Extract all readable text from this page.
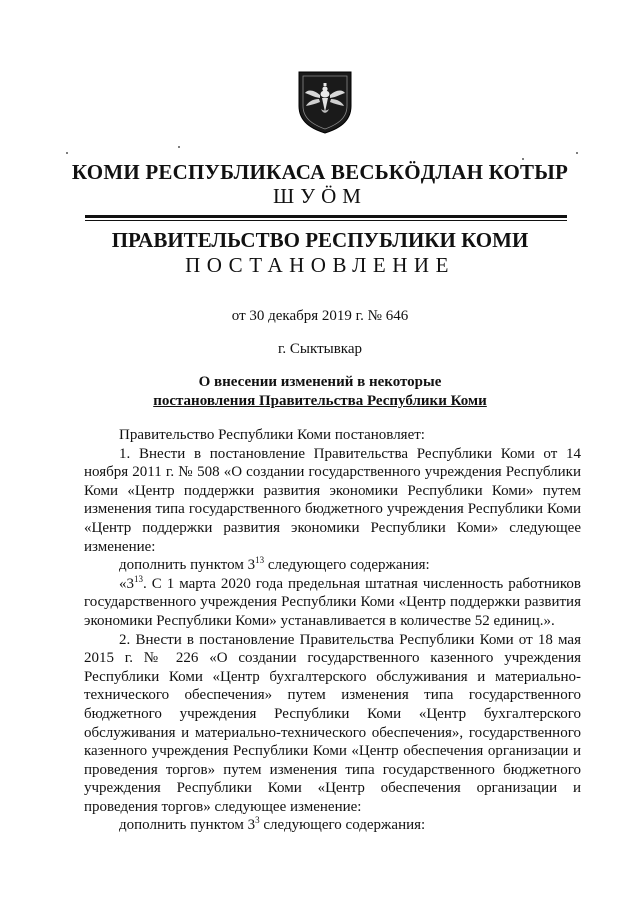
КОМИ РЕСПУБЛИКАСА ВЕСЬКӦДЛАН КОТЫР
ШУӦМ
ПРАВИТЕЛЬСТВО РЕСПУБЛИКИ КОМИ
ПОСТАНОВЛЕНИЕ
от 30 декабря 2019 г. № 646
г. Сыктывкар
О внесении изменений в некоторые
постановления Правительства Республики Коми

Правительство Республики Коми постановляет:

1. Внести в постановление Правительства Республики Коми от 14 ноября 2011 г. № 508 «О создании государственного учреждения Республики Коми «Центр поддержки развития экономики Республики Коми» путем изменения типа государственного бюджетного учреждения Республики Коми «Центр поддержки развития экономики Республики Коми» следующее изменение:

дополнить пунктом $3^{13}$ следующего содержания:

«$3^{13}$. С 1 марта 2020 года предельная штатная численность работников государственного учреждения Республики Коми «Центр поддержки развития экономики Республики Коми» устанавливается в количестве 52 единиц.».

2. Внести в постановление Правительства Республики Коми от 18 мая 2015 г. № 226 «О создании государственного казенного учреждения Республики Коми «Центр бухгалтерского обслуживания и материально-технического обеспечения» путем изменения типа государственного бюджетного учреждения Республики Коми «Центр бухгалтерского обслуживания и материально-технического обеспечения», государственного казенного учреждения Республики Коми «Центр обеспечения организации и проведения торгов» путем изменения типа государственного бюджетного учреждения Республики Коми «Центр обеспечения организации и проведения торгов» следующее изменение:

дополнить пунктом $3^3$ следующего содержания:
